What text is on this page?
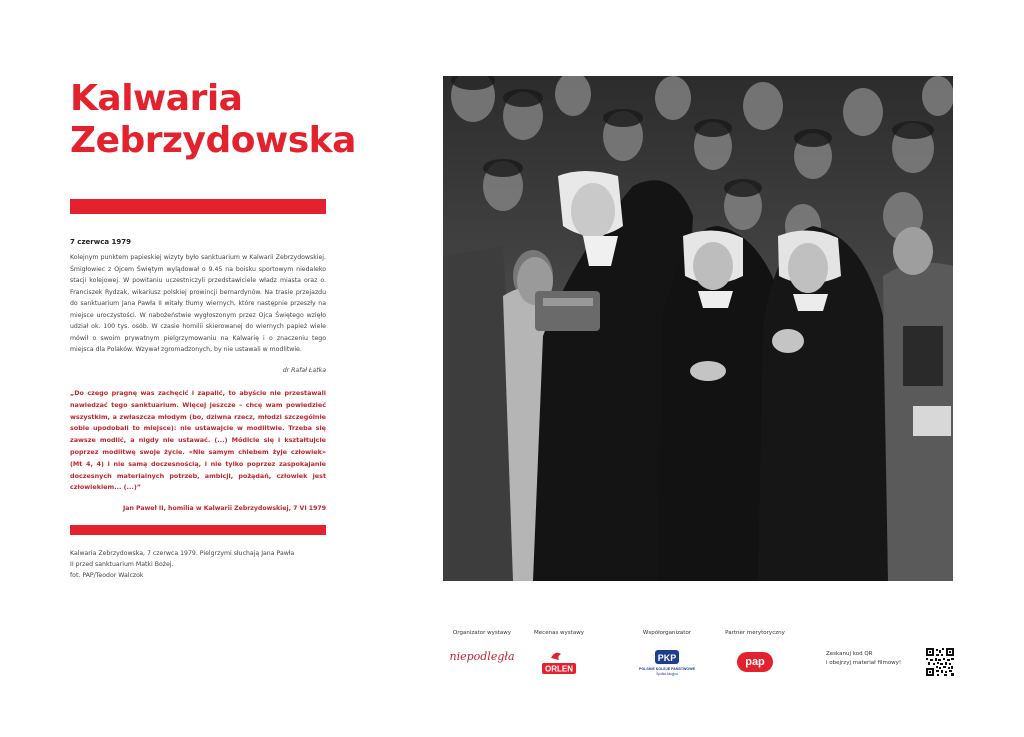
Kalwaria
Zebrzydowska
7 czerwca 1979

Kolejnym punktem papieskiej wizyty było sanktuarium w Kalwarii Zebrzydowskiej. Śmigłowiec z Ojcem Świętym wylądował o 9.45 na boisku sportowym niedaleko stacji kolejowej. W powitaniu uczestniczyli przedstawiciele władz miasta oraz o. Franciszek Rydzak, wikariusz polskiej prowincji bernardynów. Na trasie przejazdu do sanktuarium Jana Pawła II witały tłumy wiernych, które następnie przeszły na miejsce uroczystości. W nabożeństwie wygłoszonym przez Ojca Świętego wzięło udział ok. 100 tys. osób. W czasie homilii skierowanej do wiernych papież wiele mówił o swoim prywatnym pielgrzymowaniu na Kalwarię i o znaczeniu tego miejsca dla Polaków. Wzywał zgromadzonych, by nie ustawali w modlitwie.

dr Rafał Łatka

„Do czego pragnę was zachęcić i zapalić, to abyście nie przestawali nawiedzać tego sanktuarium. Więcej jeszcze – chcę wam powiedzieć wszystkim, a zwłaszcza młodym (bo, dziwna rzecz, młodzi szczególnie sobie upodobali to miejsce): nie ustawajcie w modlitwie. Trzeba się zawsze modlić, a nigdy nie ustawać. (...) Módlcie się i kształtujcie poprzez modlitwę swoje życie. «Nie samym chlebem żyje człowiek» (Mt 4, 4) i nie samą doczesnością, i nie tylko poprzez zaspokajanie doczesnych materialnych potrzeb, ambicji, pożądań, człowiek jest człowiekiem... (...)”

Jan Paweł II, homilia w Kalwarii Zebrzydowskiej, 7 VI 1979

Kalwaria Zebrzydowska, 7 czerwca 1979. Pielgrzymi słuchają Jana Pawła
II przed sanktuarium Matki Bożej.
fot. PAP/Teodor Walczok

Organizator wystawy
niepodległa
Mecenas wystawy
ORLEN
Współorganizator
PKP
POLSKIE KOLEJE PAŃSTWOWE
Spółka Akcyjna
Partner merytoryczny
pap
Zeskanuj kod QR
i obejrzyj materiał filmowy!
